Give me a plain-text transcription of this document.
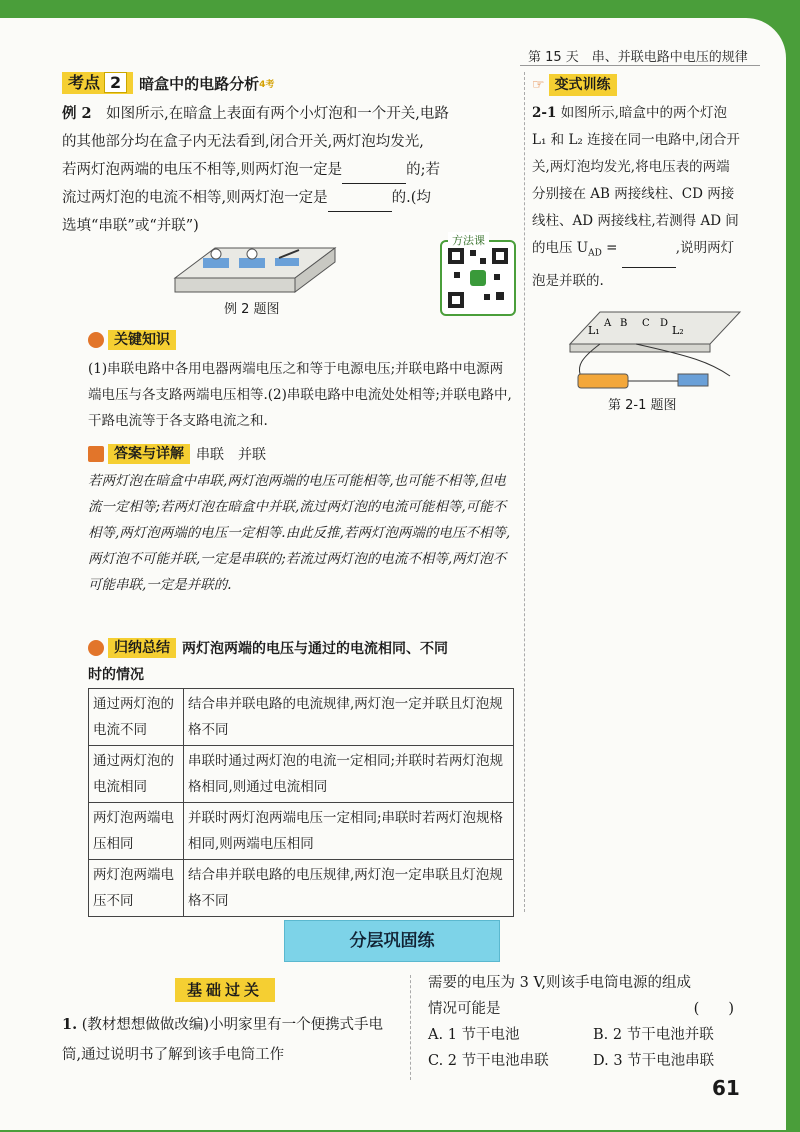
第 15 天　串、并联电路中电压的规律
考点 2	暗盒中的电路分析 4考
例 2　 如图所示,在暗盒上表面有两个小灯泡和一个开关,电路
的其他部分均在盒子内无法看到,闭合开关,两灯泡均发光,
若两灯泡两端的电压不相等,则两灯泡一定是	的;若
流过两灯泡的电流不相等,则两灯泡一定是	的.(均
选填“串联”或“并联”)
例 2 题图
方法课
关键知识
(1)串联电路中各用电器两端电压之和等于电源电压;并联电路中电源两端电压与各支路两端电压相等.(2)串联电路中电流处处相等;并联电路中,干路电流等于各支路电流之和.
答案与详解 串联　并联
若两灯泡在暗盒中串联,两灯泡两端的电压可能相等,也可能不相等,但电流一定相等;若两灯泡在暗盒中并联,流过两灯泡的电流可能相等,可能不相等,两灯泡两端的电压一定相等.由此反推,若两灯泡两端的电压不相等,两灯泡不可能并联,一定是串联的;若流过两灯泡的电流不相等,两灯泡不可能串联,一定是并联的.
归纳总结 两灯泡两端的电压与通过的电流相同、不同
时的情况
通过两灯泡的电流不同	结合串并联电路的电流规律,两灯泡一定并联且灯泡规格不同
通过两灯泡的电流相同	串联时通过两灯泡的电流一定相同;并联时若两灯泡规格相同,则通过电流相同
两灯泡两端电压相同	并联时两灯泡两端电压一定相同;串联时若两灯泡规格相同,则两端电压相同
两灯泡两端电压不同	结合串并联电路的电压规律,两灯泡一定串联且灯泡规格不同
☞ 变式训练
2-1 如图所示,暗盒中的两个灯泡 L₁ 和 L₂ 连接在同一电路中,闭合开关,两灯泡均发光,将电压表的两端分别接在 AB 两接线柱、CD 两接线柱、AD 两接线柱,若测得 AD 间的电压 $U_{AD}$ =	,说明两灯泡是并联的.
A B C D
L₁	L₂
第 2-1 题图
分层巩固练
基础过关
1. (教材想想做做改编)小明家里有一个便携式手电筒,通过说明书了解到该手电筒工作
需要的电压为 3 V,则该手电筒电源的组成
情况可能是	(　　)
A. 1 节干电池	B. 2 节干电池并联
C. 2 节干电池串联	D. 3 节干电池串联
61
